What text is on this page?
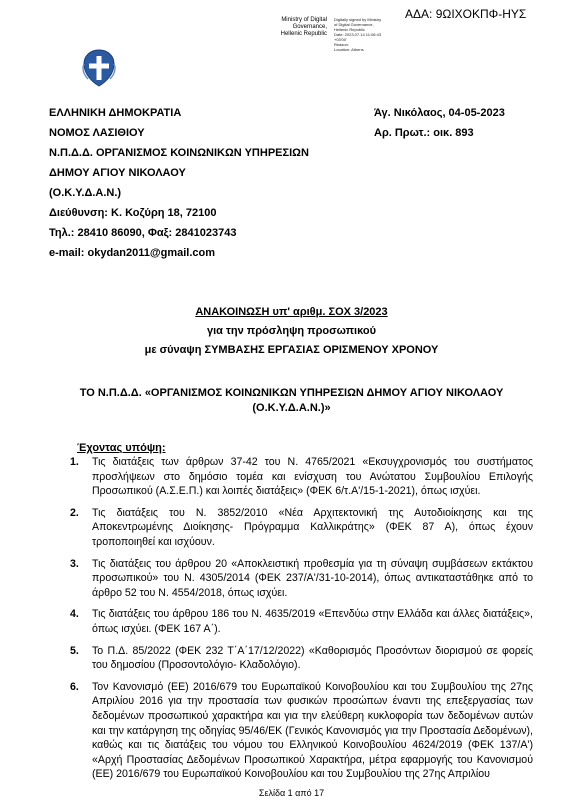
ΑΔΑ: 9ΩΙΧΟΚΠΦ-ΗΥΣ
Ministry of Digital
Governance,
Hellenic Republic
Digitally signed by Ministry
of Digital Governance,
Hellenic Republic
Date: 2023.07.14 11:06:43
+03'00'
Reason:
Location: Athens
ΕΛΛΗΝΙΚΗ ΔΗΜΟΚΡΑΤΙΑ
ΝΟΜΟΣ ΛΑΣΙΘΙΟΥ
Ν.Π.Δ.Δ. ΟΡΓΑΝΙΣΜΟΣ ΚΟΙΝΩΝΙΚΩΝ ΥΠΗΡΕΣΙΩΝ
ΔΗΜΟΥ ΑΓΙΟΥ ΝΙΚΟΛΑΟΥ
(Ο.Κ.Υ.Δ.Α.Ν.)
Διεύθυνση: Κ. Κοζύρη 18, 72100
Τηλ.: 28410 86090, Φαξ: 2841023743
e-mail: okydan2011@gmail.com
Άγ. Νικόλαος, 04-05-2023
Αρ. Πρωτ.: οικ. 893
ΑΝΑΚΟΙΝΩΣΗ υπ' αριθμ. ΣΟΧ 3/2023
για την πρόσληψη προσωπικού
με σύναψη ΣΥΜΒΑΣΗΣ ΕΡΓΑΣΙΑΣ ΟΡΙΣΜΕΝΟΥ ΧΡΟΝΟΥ
ΤΟ Ν.Π.Δ.Δ. «ΟΡΓΑΝΙΣΜΟΣ ΚΟΙΝΩΝΙΚΩΝ ΥΠΗΡΕΣΙΩΝ ΔΗΜΟΥ ΑΓΙΟΥ ΝΙΚΟΛΑΟΥ (Ο.Κ.Υ.Δ.Α.Ν.)»
Έχοντας υπόψη:
1. Τις διατάξεις των άρθρων 37-42 του Ν. 4765/2021 «Εκσυγχρονισμός του συστήματος προσλήψεων στο δημόσιο τομέα και ενίσχυση του Ανώτατου Συμβουλίου Επιλογής Προσωπικού (Α.Σ.Ε.Π.) και λοιπές διατάξεις» (ΦΕΚ 6/τ.Α'/15-1-2021), όπως ισχύει.
2. Τις διατάξεις του Ν. 3852/2010 «Νέα Αρχιτεκτονική της Αυτοδιοίκησης και της Αποκεντρωμένης Διοίκησης- Πρόγραμμα Καλλικράτης» (ΦΕΚ 87 Α), όπως έχουν τροποποιηθεί και ισχύουν.
3. Τις διατάξεις του άρθρου 20 «Αποκλειστική προθεσμία για τη σύναψη συμβάσεων εκτάκτου προσωπικού» του Ν. 4305/2014 (ΦΕΚ 237/Α'/31-10-2014), όπως αντικαταστάθηκε από το άρθρο 52 του Ν. 4554/2018, όπως ισχύει.
4. Τις διατάξεις του άρθρου 186 του Ν. 4635/2019 «Επενδύω στην Ελλάδα και άλλες διατάξεις», όπως ισχύει. (ΦΕΚ 167 Α΄).
5. Το Π.Δ. 85/2022 (ΦΕΚ 232 Τ΄Α΄17/12/2022) «Καθορισμός Προσόντων διορισμού σε φορείς του δημοσίου (Προσοντολόγιο- Κλαδολόγιο).
6. Τον Κανονισμό (ΕΕ) 2016/679 του Ευρωπαϊκού Κοινοβουλίου και του Συμβουλίου της 27ης Απριλίου 2016 για την προστασία των φυσικών προσώπων έναντι της επεξεργασίας των δεδομένων προσωπικού χαρακτήρα και για την ελεύθερη κυκλοφορία των δεδομένων αυτών και την κατάργηση της οδηγίας 95/46/ΕΚ (Γενικός Κανονισμός για την Προστασία Δεδομένων), καθώς και τις διατάξεις του νόμου του Ελληνικού Κοινοβουλίου 4624/2019 (ΦΕΚ 137/Α') «Αρχή Προστασίας Δεδομένων Προσωπικού Χαρακτήρα, μέτρα εφαρμογής του Κανονισμού (ΕΕ) 2016/679 του Ευρωπαϊκού Κοινοβουλίου και του Συμβουλίου της 27ης Απριλίου
Σελίδα 1 από 17
